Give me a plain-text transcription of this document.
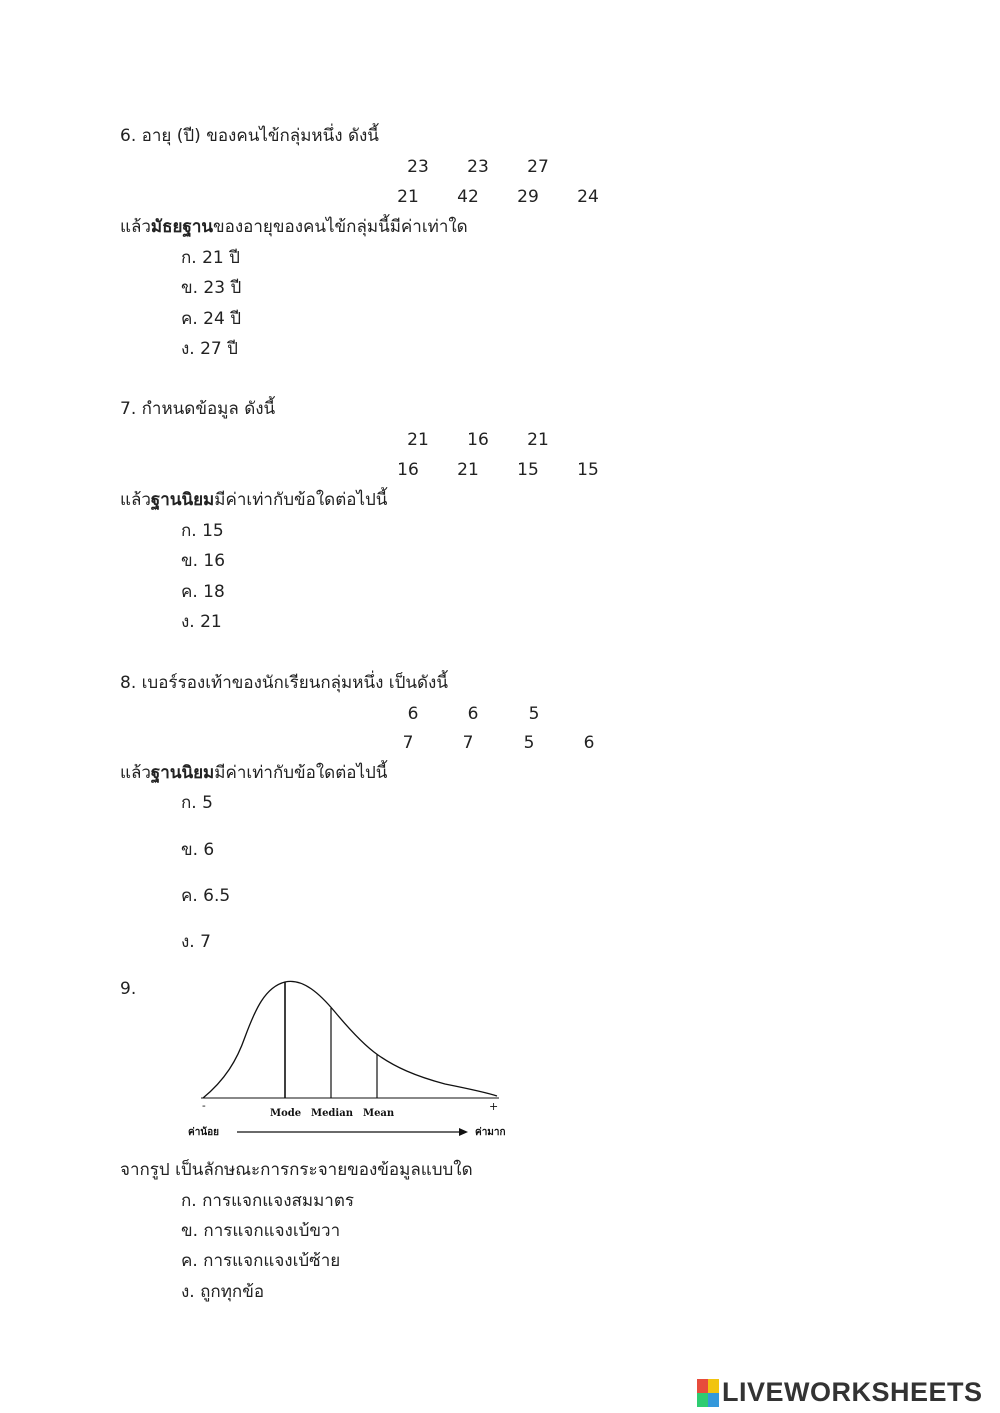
6. อายุ (ปี) ของคนไข้กลุ่มหนึ่ง ดังนี้
23	23	27
21	42	29	24
แล้วมัธยฐานของอายุของคนไข้กลุ่มนี้มีค่าเท่าใด
ก. 21 ปี
ข. 23 ปี
ค. 24 ปี
ง. 27 ปี
7. กำหนดข้อมูล ดังนี้
21	16	21
16	21	15	15
แล้วฐานนิยมมีค่าเท่ากับข้อใดต่อไปนี้
ก. 15
ข. 16
ค. 18
ง. 21
8. เบอร์รองเท้าของนักเรียนกลุ่มหนึ่ง เป็นดังนี้
6	6	5
7	7	5	6
แล้วฐานนิยมมีค่าเท่ากับข้อใดต่อไปนี้
ก. 5
ข. 6
ค. 6.5
ง. 7
9.
-	+
Mode Median Mean
ค่าน้อย	ค่ามาก
จากรูป เป็นลักษณะการกระจายของข้อมูลแบบใด
ก. การแจกแจงสมมาตร
ข. การแจกแจงเบ้ขวา
ค. การแจกแจงเบ้ซ้าย
ง. ถูกทุกข้อ
LIVEWORKSHEETS
